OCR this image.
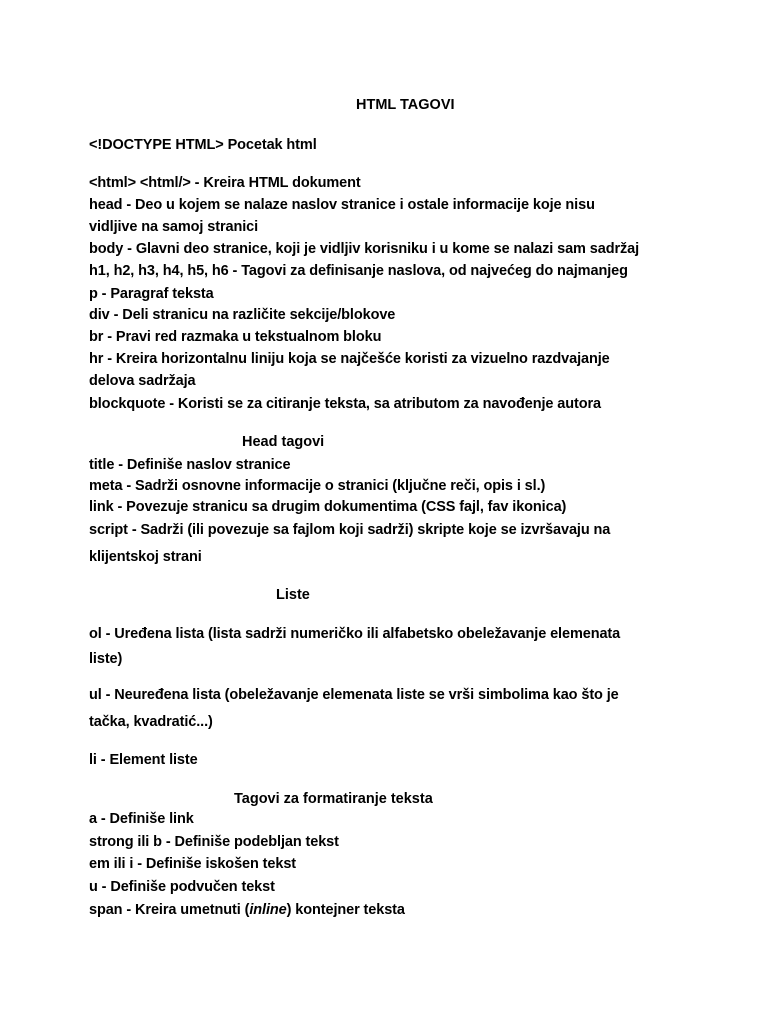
HTML TAGOVI
<!DOCTYPE HTML> Pocetak html
<html> <html/> - Kreira HTML dokument
head - Deo u kojem se nalaze naslov stranice i ostale informacije koje nisu
vidljive na samoj stranici
body - Glavni deo stranice, koji je vidljiv korisniku i u kome se nalazi sam sadržaj
h1, h2, h3, h4, h5, h6 - Tagovi za definisanje naslova, od najvećeg do najmanjeg
p - Paragraf teksta
div - Deli stranicu na različite sekcije/blokove
br - Pravi red razmaka u tekstualnom bloku
hr - Kreira horizontalnu liniju koja se najčešće koristi za vizuelno razdvajanje
delova sadržaja
blockquote - Koristi se za citiranje teksta, sa atributom za navođenje autora
Head tagovi
title - Definiše naslov stranice
meta - Sadrži osnovne informacije o stranici (ključne reči, opis i sl.)
link - Povezuje stranicu sa drugim dokumentima (CSS fajl, fav ikonica)
script - Sadrži (ili povezuje sa fajlom koji sadrži) skripte koje se izvršavaju na
klijentskoj strani
Liste
ol - Uređena lista (lista sadrži numeričko ili alfabetsko obeležavanje elemenata
liste)
ul - Neuređena lista (obeležavanje elemenata liste se vrši simbolima kao što je
tačka, kvadratić...)
li - Element liste
Tagovi za formatiranje teksta
a - Definiše link
strong ili b - Definiše podebljan tekst
em ili i - Definiše iskošen tekst
u - Definiše podvučen tekst
span - Kreira umetnuti (inline) kontejner teksta
